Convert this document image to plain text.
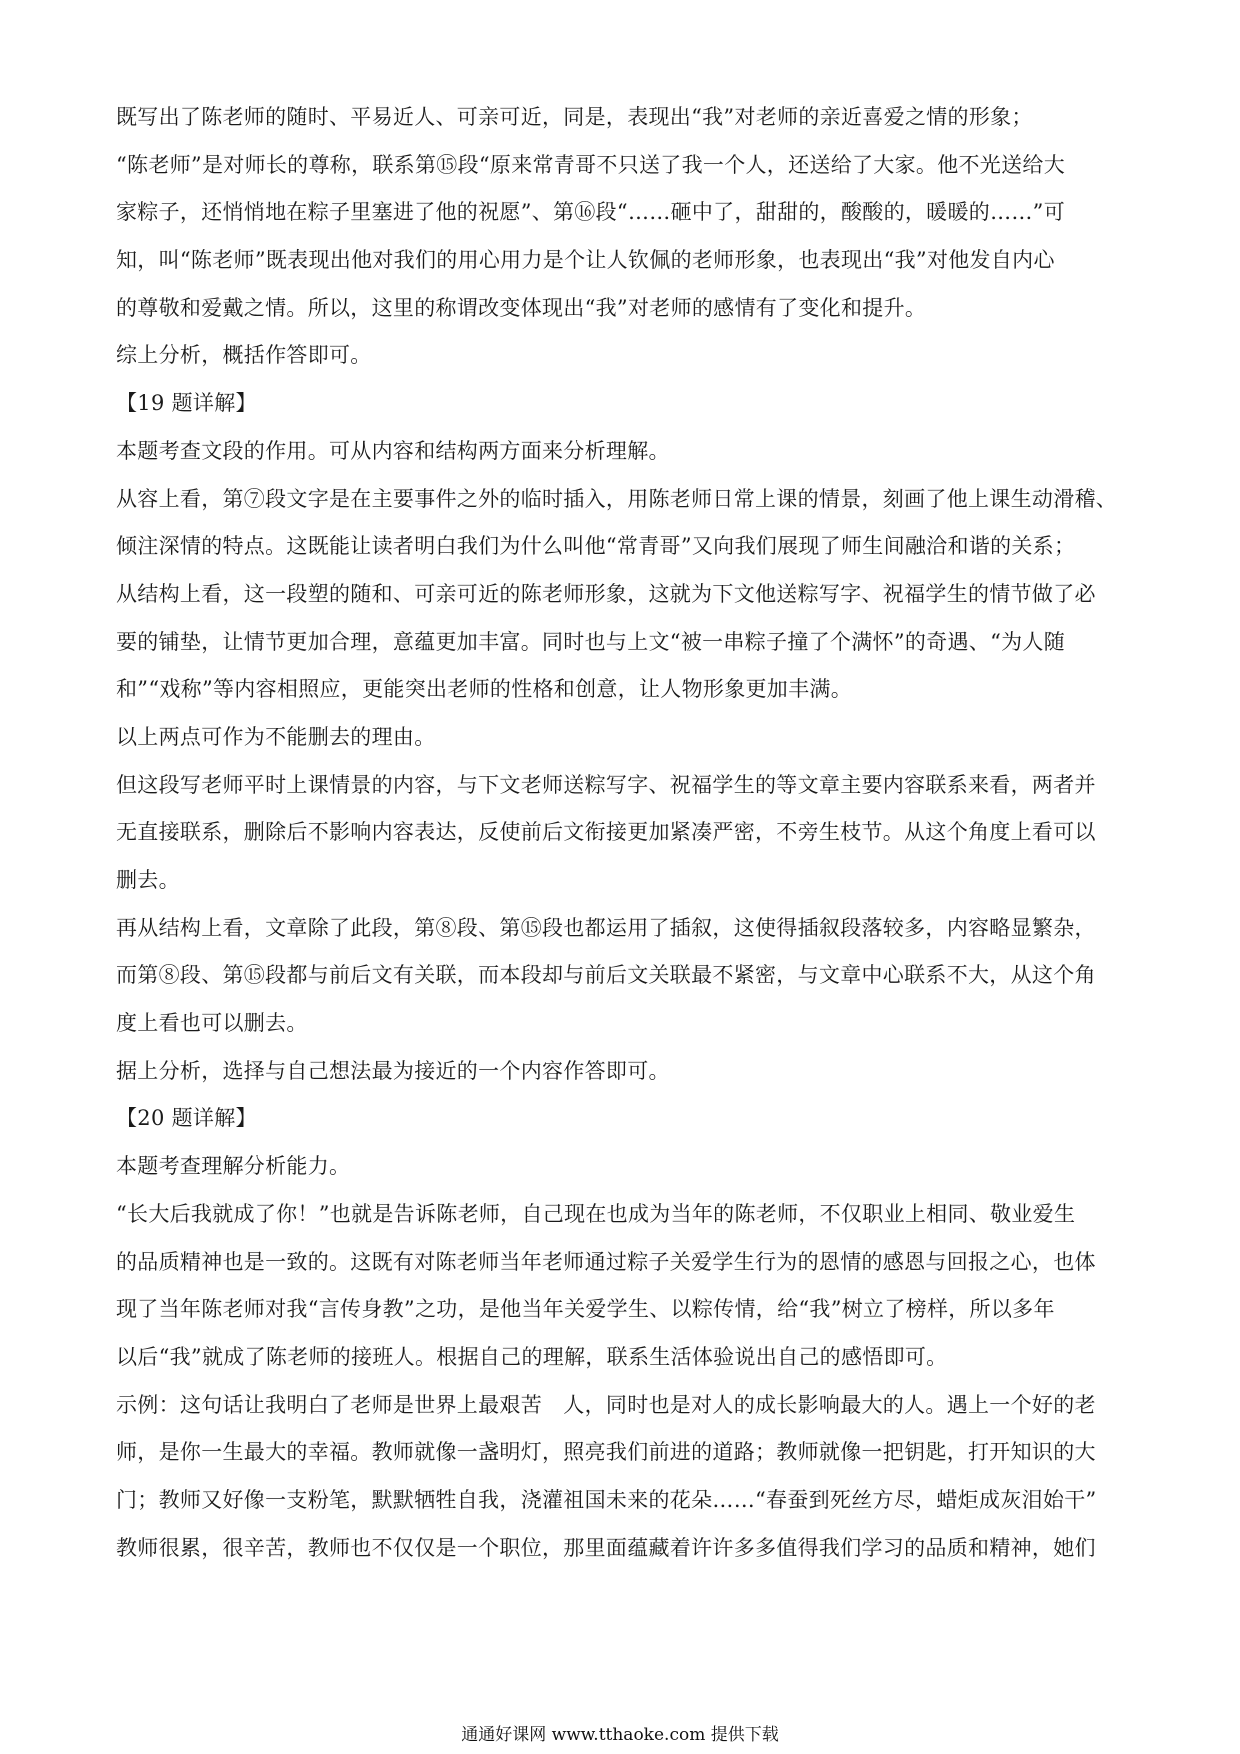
既写出了陈老师的随时、平易近人、可亲可近，同是，表现出“我”对老师的亲近喜爱之情的形象；
“陈老师”是对师长的尊称，联系第⑮段“原来常青哥不只送了我一个人，还送给了大家。他不光送给大
家粽子，还悄悄地在粽子里塞进了他的祝愿”、第⑯段“……砸中了，甜甜的，酸酸的，暖暖的……”可
知，叫“陈老师”既表现出他对我们的用心用力是个让人钦佩的老师形象，也表现出“我”对他发自内心
的尊敬和爱戴之情。所以，这里的称谓改变体现出“我”对老师的感情有了变化和提升。
综上分析，概括作答即可。
【19 题详解】
本题考查文段的作用。可从内容和结构两方面来分析理解。
从容上看，第⑦段文字是在主要事件之外的临时插入，用陈老师日常上课的情景，刻画了他上课生动滑稽、
倾注深情的特点。这既能让读者明白我们为什么叫他“常青哥”又向我们展现了师生间融洽和谐的关系；
从结构上看，这一段塑的随和、可亲可近的陈老师形象，这就为下文他送粽写字、祝福学生的情节做了必
要的铺垫，让情节更加合理，意蕴更加丰富。同时也与上文“被一串粽子撞了个满怀”的奇遇、“为人随
和”“戏称”等内容相照应，更能突出老师的性格和创意，让人物形象更加丰满。
以上两点可作为不能删去的理由。
但这段写老师平时上课情景的内容，与下文老师送粽写字、祝福学生的等文章主要内容联系来看，两者并
无直接联系，删除后不影响内容表达，反使前后文衔接更加紧凑严密，不旁生枝节。从这个角度上看可以
删去。
再从结构上看，文章除了此段，第⑧段、第⑮段也都运用了插叙，这使得插叙段落较多，内容略显繁杂，
而第⑧段、第⑮段都与前后文有关联，而本段却与前后文关联最不紧密，与文章中心联系不大，从这个角
度上看也可以删去。
据上分析，选择与自己想法最为接近的一个内容作答即可。
【20 题详解】
本题考查理解分析能力。
“长大后我就成了你！”也就是告诉陈老师，自己现在也成为当年的陈老师，不仅职业上相同、敬业爱生
的品质精神也是一致的。这既有对陈老师当年老师通过粽子关爱学生行为的恩情的感恩与回报之心，也体
现了当年陈老师对我“言传身教”之功，是他当年关爱学生、以粽传情，给“我”树立了榜样，所以多年
以后“我”就成了陈老师的接班人。根据自己的理解，联系生活体验说出自己的感悟即可。
示例：这句话让我明白了老师是世界上最艰苦　人，同时也是对人的成长影响最大的人。遇上一个好的老
师，是你一生最大的幸福。教师就像一盏明灯，照亮我们前进的道路；教师就像一把钥匙，打开知识的大
门；教师又好像一支粉笔，默默牺牲自我，浇灌祖国未来的花朵……“春蚕到死丝方尽，蜡炬成灰泪始干”
教师很累，很辛苦，教师也不仅仅是一个职位，那里面蕴藏着许许多多值得我们学习的品质和精神，她们
通通好课网 www.tthaoke.com 提供下载
